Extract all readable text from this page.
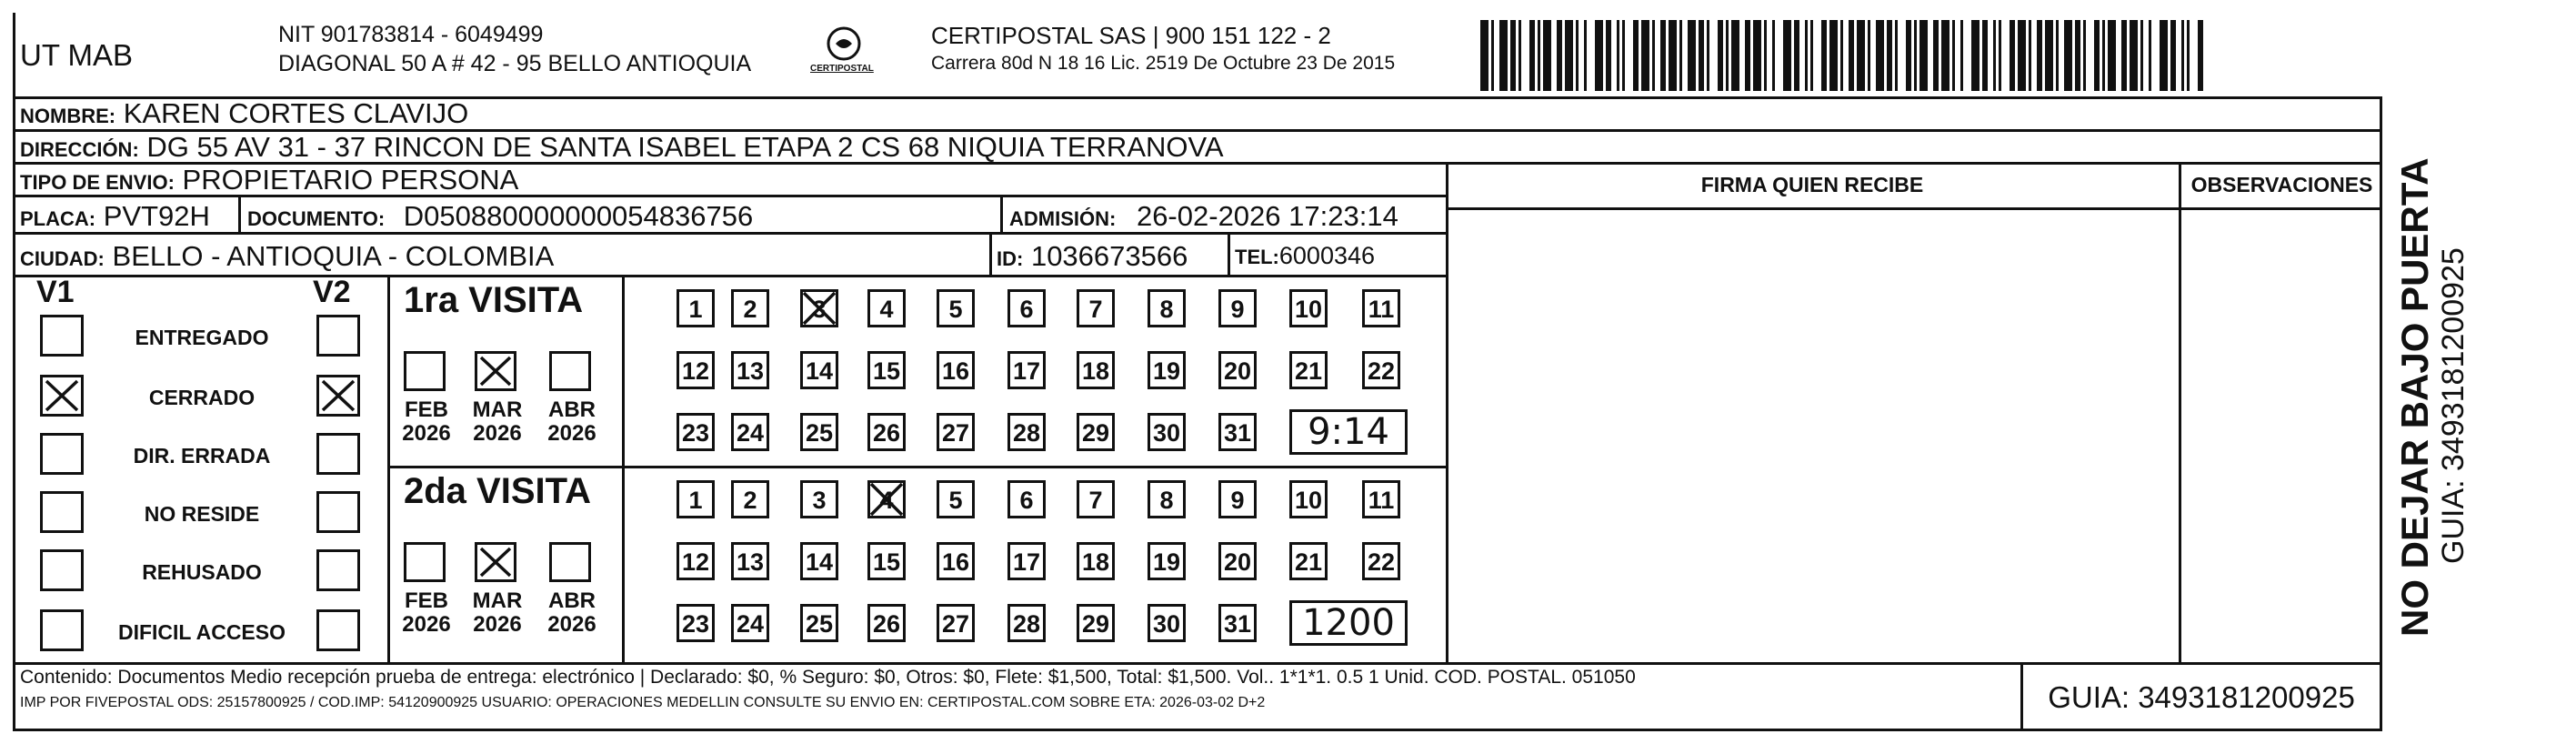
UT MAB
NIT 901783814 - 6049499
DIAGONAL 50 A # 42 - 95 BELLO ANTIOQUIA	CERTIPOSTAL
CERTIPOSTAL SAS | 900 151 122 - 2
Carrera 80d N 18 16 Lic. 2519 De Octubre 23 De 2015
FIRMA QUIEN RECIBE	OBSERVACIONES
NOMBRE: KAREN CORTES CLAVIJO
DIRECCIÓN: DG 55 AV 31 - 37 RINCON DE SANTA ISABEL ETAPA 2 CS 68 NIQUIA TERRANOVA
TIPO DE ENVIO: PROPIETARIO PERSONA
PLACA: PVT92H DOCUMENTO: D050880000000054836756	ADMISIÓN: 26-02-2026 17:23:14
CIUDAD: BELLO - ANTIOQUIA - COLOMBIA	ID: 1036673566 TEL:6000346
V1	V2
ENTREGADO
CERRADO
DIR. ERRADA
NO RESIDE
REHUSADO
DIFICIL ACCESO
1ra VISITA
2da VISITA
FEB
2026
MAR
2026
ABR
2026
1	2	3	4	5	6	7	8	9	10 11
12 13 14 15 16 17 18 19 20 21 22
23 24 25 26 27 28 29 30 31	9:14
FEB
2026
MAR
2026
ABR
2026
1	2	3	4	5	6	7	8	9	10 11
12 13 14 15 16 17 18 19 20 21 22
23 24 25 26 27 28 29 30 31	1200
Contenido: Documentos Medio recepción prueba de entrega: electrónico | Declarado: $0, % Seguro: $0, Otros: $0, Flete: $1,500, Total: $1,500. Vol.. 1*1*1. 0.5 1 Unid. COD. POSTAL. 051050
IMP POR FIVEPOSTAL ODS: 25157800925 / COD.IMP: 54120900925 USUARIO: OPERACIONES MEDELLIN CONSULTE SU ENVIO EN: CERTIPOSTAL.COM SOBRE ETA: 2026-03-02 D+2	GUIA: 3493181200925
NO DEJAR BAJO PUERTA GUIA: 3493181200925
